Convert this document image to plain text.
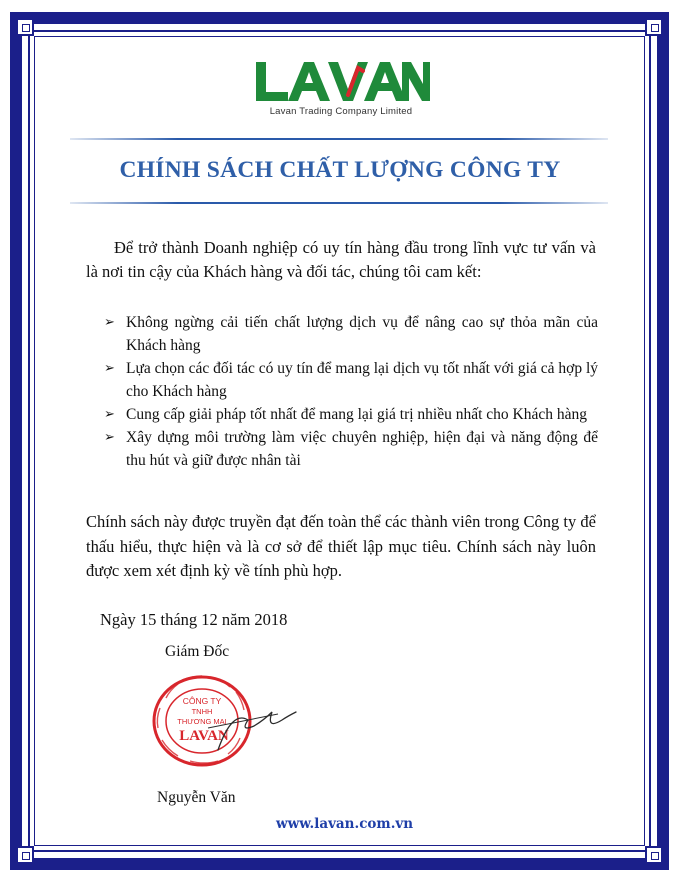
Lavan Trading Company Limited
CHÍNH SÁCH CHẤT LƯỢNG CÔNG TY

Để trở thành Doanh nghiệp có uy tín hàng đầu trong lĩnh vực tư vấn và là nơi tin cậy của Khách hàng và đối tác, chúng tôi cam kết:

➢ Không ngừng cải tiến chất lượng dịch vụ để nâng cao sự thỏa mãn của Khách hàng
➢ Lựa chọn các đối tác có uy tín để mang lại dịch vụ tốt nhất với giá cả hợp lý cho Khách hàng
➢ Cung cấp giải pháp tốt nhất để mang lại giá trị nhiều nhất cho Khách hàng
➢ Xây dựng môi trường làm việc chuyên nghiệp, hiện đại và năng động để thu hút và giữ được nhân tài

Chính sách này được truyền đạt đến toàn thể các thành viên trong Công ty để thấu hiểu, thực hiện và là cơ sở để thiết lập mục tiêu. Chính sách này luôn được xem xét định kỳ về tính phù hợp.

Ngày 15 tháng 12 năm 2018
Giám Đốc
CÔNG TY
TNHH
THƯƠNG MẠI
LAVAN
Nguyễn Văn
www.lavan.com.vn
